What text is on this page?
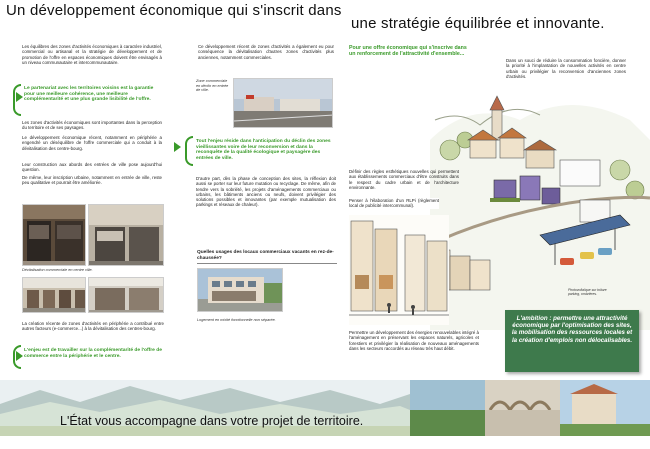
Un développement économique qui s'inscrit dans
une stratégie équilibrée et innovante.
Les équilibres des zones d'activités économiques à caractère industriel, commercial ou artisanal et la stratégie de développement et de promotion de l'offre en espaces économiques doivent être envisagés à un niveau communautaire et intercommunautaire.
Le partenariat avec les territoires voisins est la garantie pour une meilleure cohérence, une meilleure complémentarité et une plus grande lisibilité de l'offre.
Les zones d'activités économiques sont importantes dans la perception du territoire et de ses paysages.
Le développement économique récent, notamment en périphérie a engendré un déséquilibre de l'offre commerciale qui a conduit à la dévitalisation des centre-bourg.
Leur construction aux abords des entrées de ville pose aujourd'hui question.
De même, leur inscription urbaine, notamment en entrée de ville, reste peu qualitative et pourrait être améliorée.
Dévitalisation commerciale en centre ville.
La création récente de zones d'activités en périphérie a contribué entre autres facteurs (e-commerce...) à la dévitalisation des centres-bourg.
L'enjeu est de travailler sur la complémentarité de l'offre de commerce entre la périphérie et le centre.
Ce développement récent de zones d'activités a également eu pour conséquence la dévitalisation d'autres zones d'activités plus anciennes, notamment commerciales.
Zone commerciale en déclin en entrée de ville.
Tout l'enjeu réside dans l'anticipation du déclin des zones vieillissantes voire de leur reconversion et dans la reconquête de la qualité écologique et paysagère des entrées de ville.
D'autre part, dès la phase de conception des sites, la réflexion doit aussi se porter sur leur future mutation ou recyclage. De même, afin de tendre vers la sobriété, les projets d'aménagements commerciaux ou urbains, les bâtiments anciens ou neufs, doivent privilégier des solutions possibles et innovantes (par exemple mutualisation des parkings et réseaux de chaleur).
Quelles usages des locaux commerciaux vacants en rez-de-chaussée?
Logement en mixité fonctionnelle non séparée.
Pour une offre économique qui s'inscrive dans un renforcement de l'attractivité d'ensemble...
Dans un souci de réduire la consommation foncière, donner la priorité à l'implantation de nouvelles activités en centre urbain ou privilégier la reconversion d'anciennes zones d'activités.
Définir des règles esthétiques nouvelles qui permettent aux établissements commerciaux d'être construits dans le respect du cadre urbain et de l'architecture environnante.
Penser à l'élaboration d'un RLPi (règlement local de publicité intercommunal).
Photovoltaïque sur toiture parking, ombrières.
Permettre un développement des énergies renouvelables intégré à l'aménagement en préservant les espaces naturels, agricoles et forestiers et privilégier la réalisation de nouveaux aménagements dans les secteurs raccordés au réseau très haut débit.
L'ambition : permettre une attractivité économique par l'optimisation des sites, la mobilisation des ressources locales et la création d'emplois non délocalisables.
L'État vous accompagne dans votre projet de territoire.
